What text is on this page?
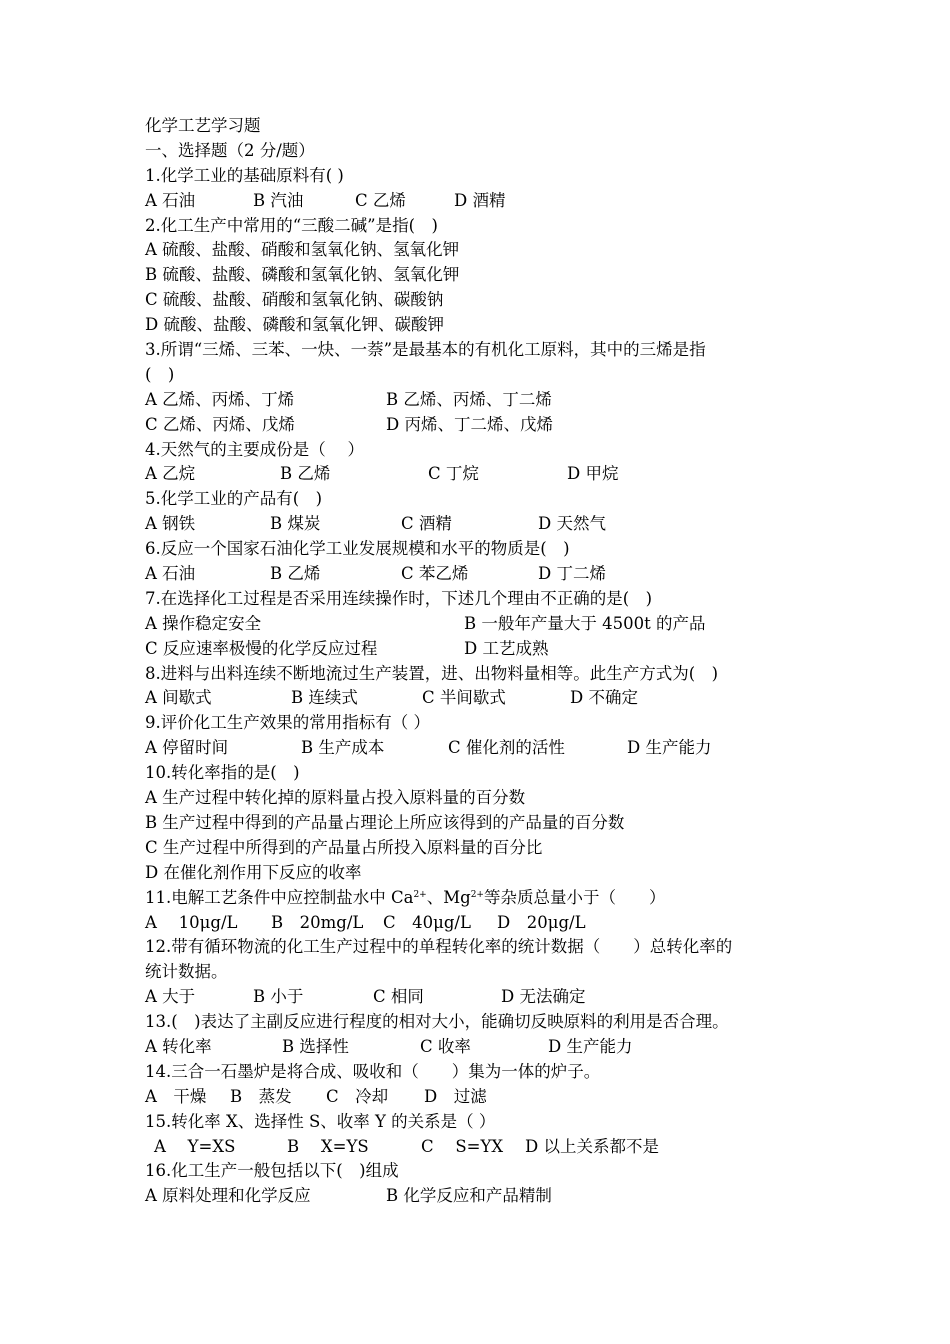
化学工艺学习题
一、选择题（2 分/题）
1.化学工业的基础原料有( )
A 石油	B 汽油	C 乙烯	D 酒精
2.化工生产中常用的“三酸二碱”是指(　)
A 硫酸、盐酸、硝酸和氢氧化钠、氢氧化钾
B 硫酸、盐酸、磷酸和氢氧化钠、氢氧化钾
C 硫酸、盐酸、硝酸和氢氧化钠、碳酸钠
D 硫酸、盐酸、磷酸和氢氧化钾、碳酸钾
3.所谓“三烯、三苯、一炔、一萘”是最基本的有机化工原料，其中的三烯是指
(　)
A 乙烯、丙烯、丁烯	B 乙烯、丙烯、丁二烯
C 乙烯、丙烯、戊烯	D 丙烯、丁二烯、戊烯
4.天然气的主要成份是（　 ）
A 乙烷	B 乙烯	C 丁烷	D 甲烷
5.化学工业的产品有(　)
A 钢铁	B 煤炭	C 酒精	D 天然气
6.反应一个国家石油化学工业发展规模和水平的物质是(　)
A 石油	B 乙烯	C 苯乙烯	D 丁二烯
7.在选择化工过程是否采用连续操作时，下述几个理由不正确的是(　)
A 操作稳定安全	B 一般年产量大于 4500t 的产品
C 反应速率极慢的化学反应过程	D 工艺成熟
8.进料与出料连续不断地流过生产装置，进、出物料量相等。此生产方式为(　)
A 间歇式	B 连续式	C 半间歇式	D 不确定
9.评价化工生产效果的常用指标有（ ）
A 停留时间	B 生产成本	C 催化剂的活性	D 生产能力
10.转化率指的是(　)
A 生产过程中转化掉的原料量占投入原料量的百分数
B 生产过程中得到的产品量占理论上所应该得到的产品量的百分数
C 生产过程中所得到的产品量占所投入原料量的百分比
D 在催化剂作用下反应的收率
11.电解工艺条件中应控制盐水中 $Ca^{2+}$、$Mg^{2+}$等杂质总量小于（　　）
A　 10μg/L B　20mg/L C　40μg/L D　20μg/L
12.带有循环物流的化工生产过程中的单程转化率的统计数据（　　）总转化率的
统计数据。
A 大于	B 小于	C 相同	D 无法确定
13.(　)表达了主副反应进行程度的相对大小，能确切反映原料的利用是否合理。
A 转化率	B 选择性	C 收率	D 生产能力
14.三合一石墨炉是将合成、吸收和（　　）集为一体的炉子。
A　干燥 B　蒸发 C　冷却 D　过滤
15.转化率 X、选择性 S、收率 Y 的关系是（ ）
A　 Y=XS	B　 X=YS	C　 S=YX D 以上关系都不是
16.化工生产一般包括以下(　)组成
A 原料处理和化学反应	B 化学反应和产品精制
